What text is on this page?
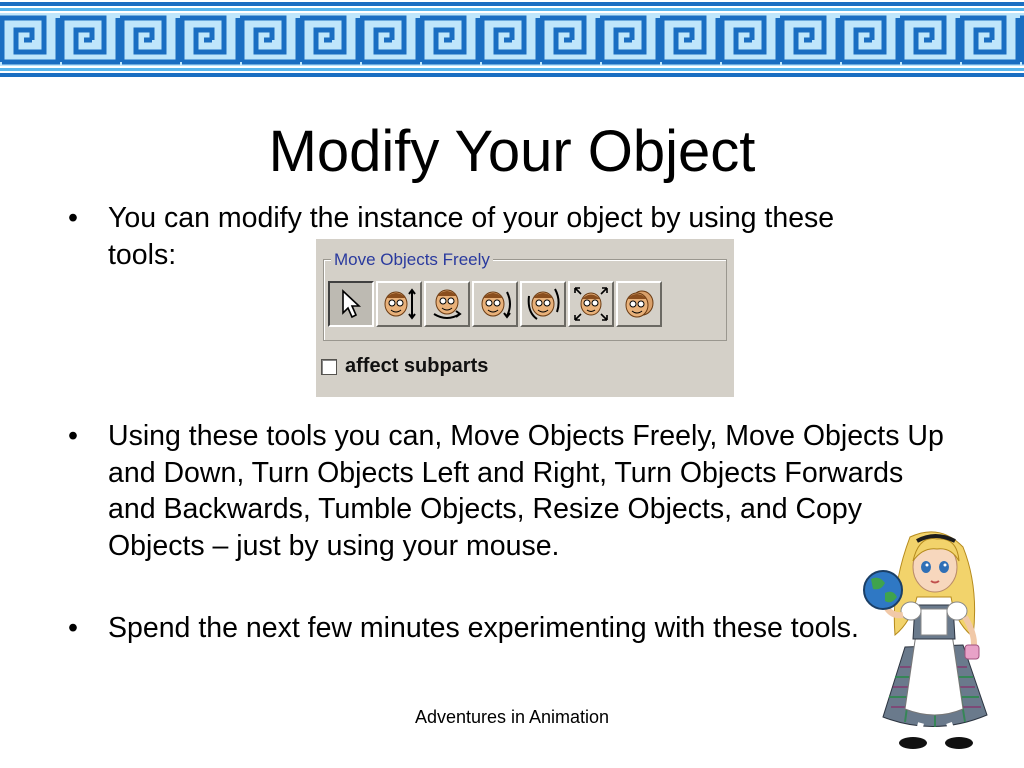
Modify Your Object
• You can modify the instance of your object by using these tools:
• Using these tools you can, Move Objects Freely, Move Objects Up and Down, Turn Objects Left and Right, Turn Objects Forwards and Backwards, Tumble Objects, Resize Objects, and Copy Objects – just by using your mouse.
• Spend the next few minutes experimenting with these tools.
Move Objects Freely
affect subparts
Adventures in Animation
